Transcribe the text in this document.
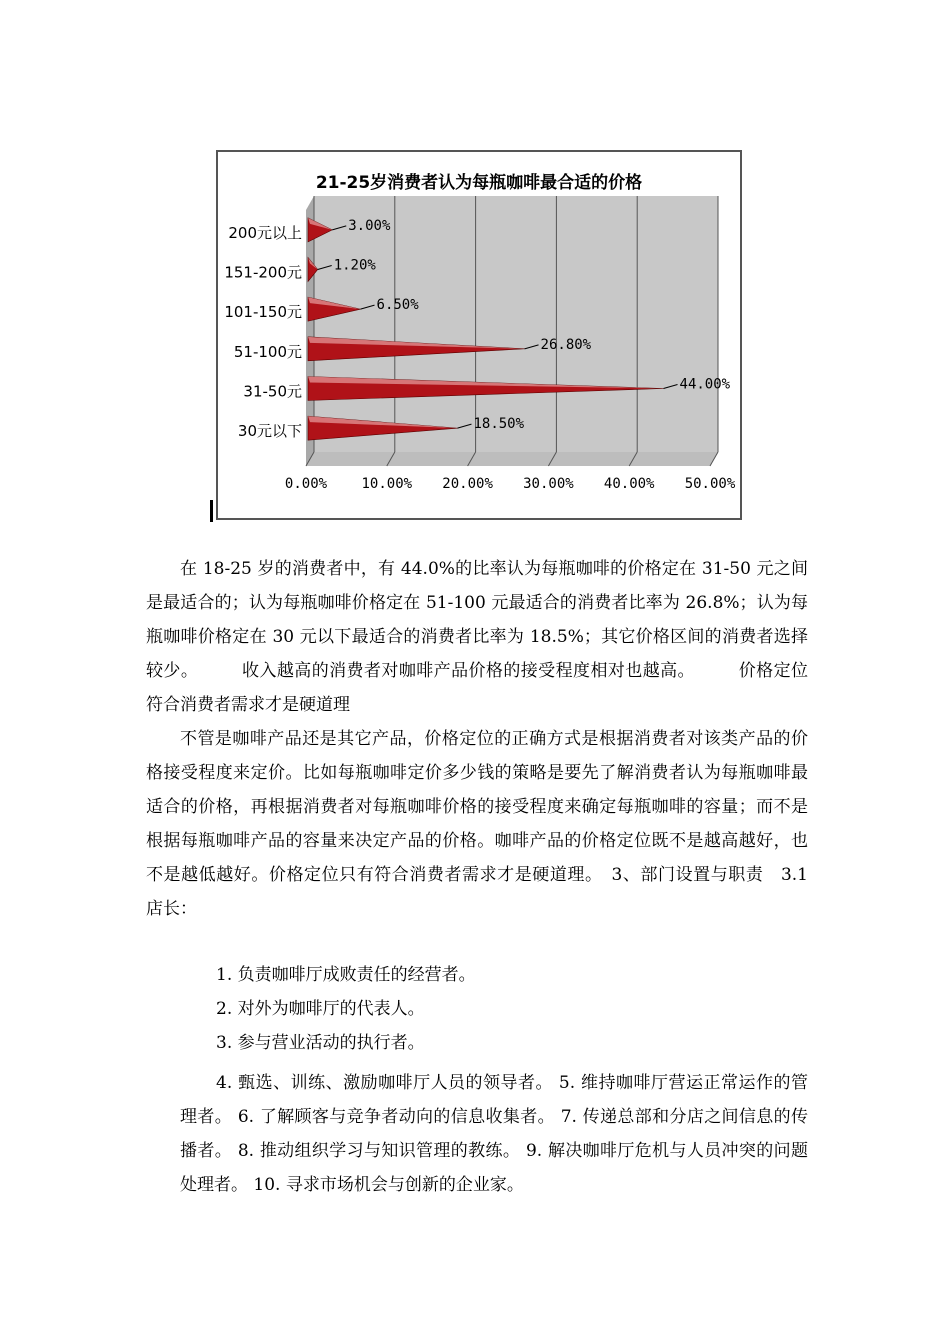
21-25岁消费者认为每瓶咖啡最合适的价格
0.00% 10.00% 20.00% 30.00% 40.00% 50.00%
3.00%
200元以上
1.20%
151-200元
6.50%
101-150元
26.80%
51-100元
44.00%
31-50元
18.50%
30元以下

在 18-25 岁的消费者中，有 44.0%的比率认为每瓶咖啡的价格定在 31-50 元之间是最适合的；认为每瓶咖啡价格定在 51-100 元最适合的消费者比率为 26.8%；认为每瓶咖啡价格定在 30 元以下最适合的消费者比率为 18.5%；其它价格区间的消费者选择较少。　　　收入越高的消费者对咖啡产品价格的接受程度相对也越高。　　　价格定位符合消费者需求才是硬道理

不管是咖啡产品还是其它产品，价格定位的正确方式是根据消费者对该类产品的价格接受程度来定价。比如每瓶咖啡定价多少钱的策略是要先了解消费者认为每瓶咖啡最适合的价格，再根据消费者对每瓶咖啡价格的接受程度来确定每瓶咖啡的容量；而不是根据每瓶咖啡产品的容量来决定产品的价格。咖啡产品的价格定位既不是越高越好，也不是越低越好。价格定位只有符合消费者需求才是硬道理。　3、部门设置与职责　3.1 店长：

1. 负责咖啡厅成败责任的经营者。

2. 对外为咖啡厅的代表人。

3. 参与营业活动的执行者。

4. 甄选、训练、激励咖啡厅人员的领导者。 5. 维持咖啡厅营运正常运作的管理者。 6. 了解顾客与竞争者动向的信息收集者。 7. 传递总部和分店之间信息的传播者。 8. 推动组织学习与知识管理的教练。 9. 解决咖啡厅危机与人员冲突的问题处理者。 10. 寻求市场机会与创新的企业家。
